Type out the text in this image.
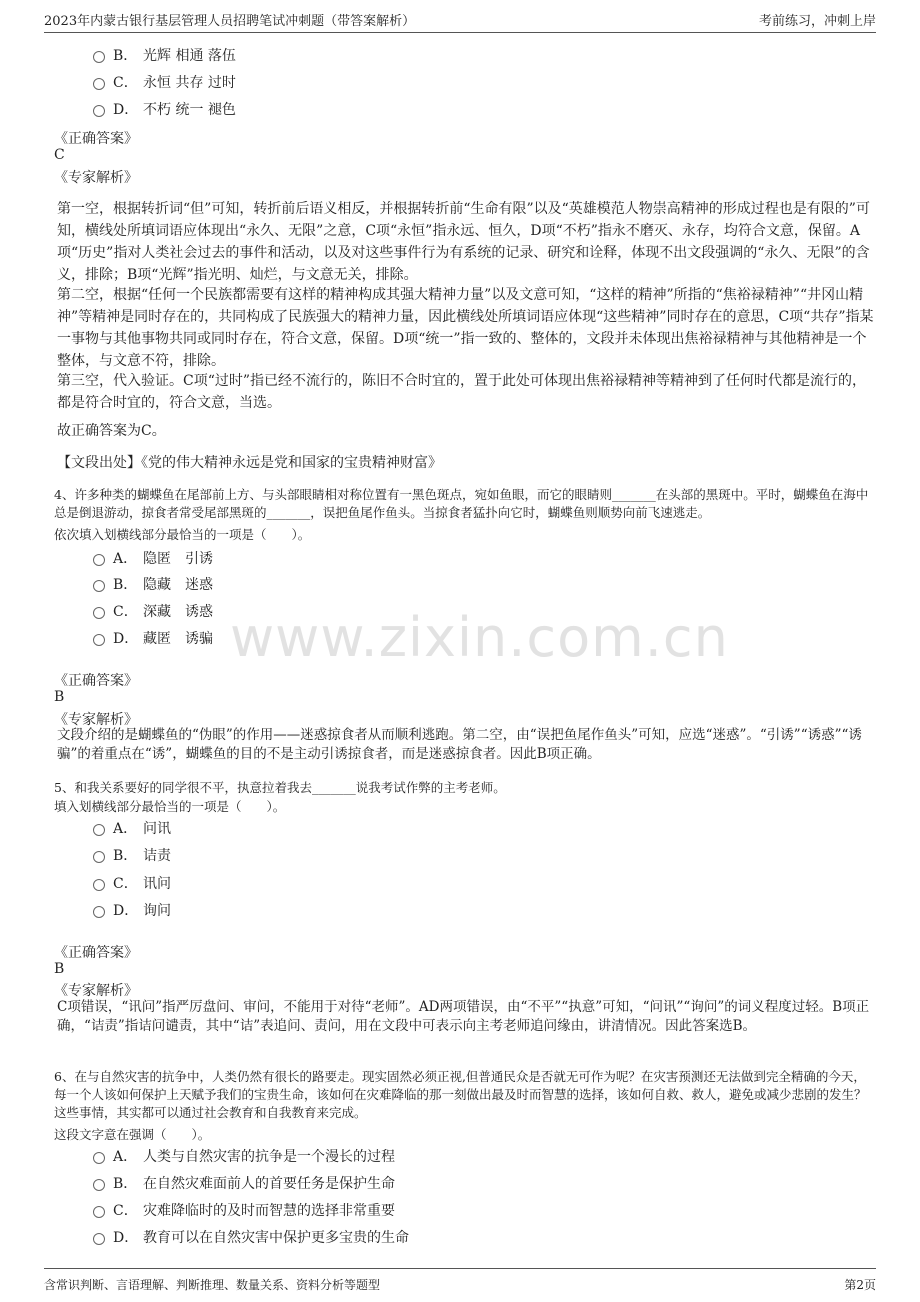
2023年内蒙古银行基层管理人员招聘笔试冲刺题（带答案解析）	考前练习，冲刺上岸
www.zixin.com.cn
B． 光辉 相通 落伍
C． 永恒 共存 过时
D． 不朽 统一 褪色
《正确答案》
C
《专家解析》
第一空，根据转折词“但”可知，转折前后语义相反，并根据转折前“生命有限”以及“英雄模范人物崇高精神的形成过程也是有限的”可知，横线处所填词语应体现出“永久、无限”之意，C项“永恒”指永远、恒久，D项“不朽”指永不磨灭、永存，均符合文意，保留。A项“历史”指对人类社会过去的事件和活动，以及对这些事件行为有系统的记录、研究和诠释，体现不出文段强调的“永久、无限”的含义，排除；B项“光辉”指光明、灿烂，与文意无关，排除。
第二空，根据“任何一个民族都需要有这样的精神构成其强大精神力量”以及文意可知，“这样的精神”所指的“焦裕禄精神”“井冈山精神”等精神是同时存在的，共同构成了民族强大的精神力量，因此横线处所填词语应体现“这些精神”同时存在的意思，C项“共存”指某一事物与其他事物共同或同时存在，符合文意，保留。D项“统一”指一致的、整体的，文段并未体现出焦裕禄精神与其他精神是一个整体，与文意不符，排除。
第三空，代入验证。C项“过时”指已经不流行的，陈旧不合时宜的，置于此处可体现出焦裕禄精神等精神到了任何时代都是流行的，都是符合时宜的，符合文意，当选。
故正确答案为C。
【文段出处】《党的伟大精神永远是党和国家的宝贵精神财富》
4、许多种类的蝴蝶鱼在尾部前上方、与头部眼睛相对称位置有一黑色斑点，宛如鱼眼，而它的眼睛则_______在头部的黑斑中。平时，蝴蝶鱼在海中总是倒退游动，掠食者常受尾部黑斑的_______，误把鱼尾作鱼头。当掠食者猛扑向它时，蝴蝶鱼则顺势向前飞速逃走。
依次填入划横线部分最恰当的一项是（　　）。
A． 隐匿　引诱
B． 隐藏　迷惑
C． 深藏　诱惑
D． 藏匿　诱骗
《正确答案》
B
《专家解析》
文段介绍的是蝴蝶鱼的“伪眼”的作用——迷惑掠食者从而顺利逃跑。第二空，由“误把鱼尾作鱼头”可知，应选“迷惑”。“引诱”“诱惑”“诱骗”的着重点在“诱”，蝴蝶鱼的目的不是主动引诱掠食者，而是迷惑掠食者。因此B项正确。
5、和我关系要好的同学很不平，执意拉着我去_______说我考试作弊的主考老师。
填入划横线部分最恰当的一项是（　　）。
A． 问讯
B． 诘责
C． 讯问
D． 询问
《正确答案》
B
《专家解析》
C项错误，“讯问”指严厉盘问、审问，不能用于对待“老师”。AD两项错误，由“不平”“执意”可知，“问讯”“询问”的词义程度过轻。B项正确，“诘责”指诘问谴责，其中“诘”表追问、责问，用在文段中可表示向主考老师追问缘由，讲清情况。因此答案选B。
6、在与自然灾害的抗争中，人类仍然有很长的路要走。现实固然必须正视,但普通民众是否就无可作为呢？在灾害预测还无法做到完全精确的今天，每一个人该如何保护上天赋予我们的宝贵生命，该如何在灾难降临的那一刻做出最及时而智慧的选择，该如何自救、救人，避免或减少悲剧的发生？这些事情，其实都可以通过社会教育和自我教育来完成。
这段文字意在强调（　　）。
A． 人类与自然灾害的抗争是一个漫长的过程
B． 在自然灾难面前人的首要任务是保护生命
C． 灾难降临时的及时而智慧的选择非常重要
D． 教育可以在自然灾害中保护更多宝贵的生命
含常识判断、言语理解、判断推理、数量关系、资料分析等题型	第2页
